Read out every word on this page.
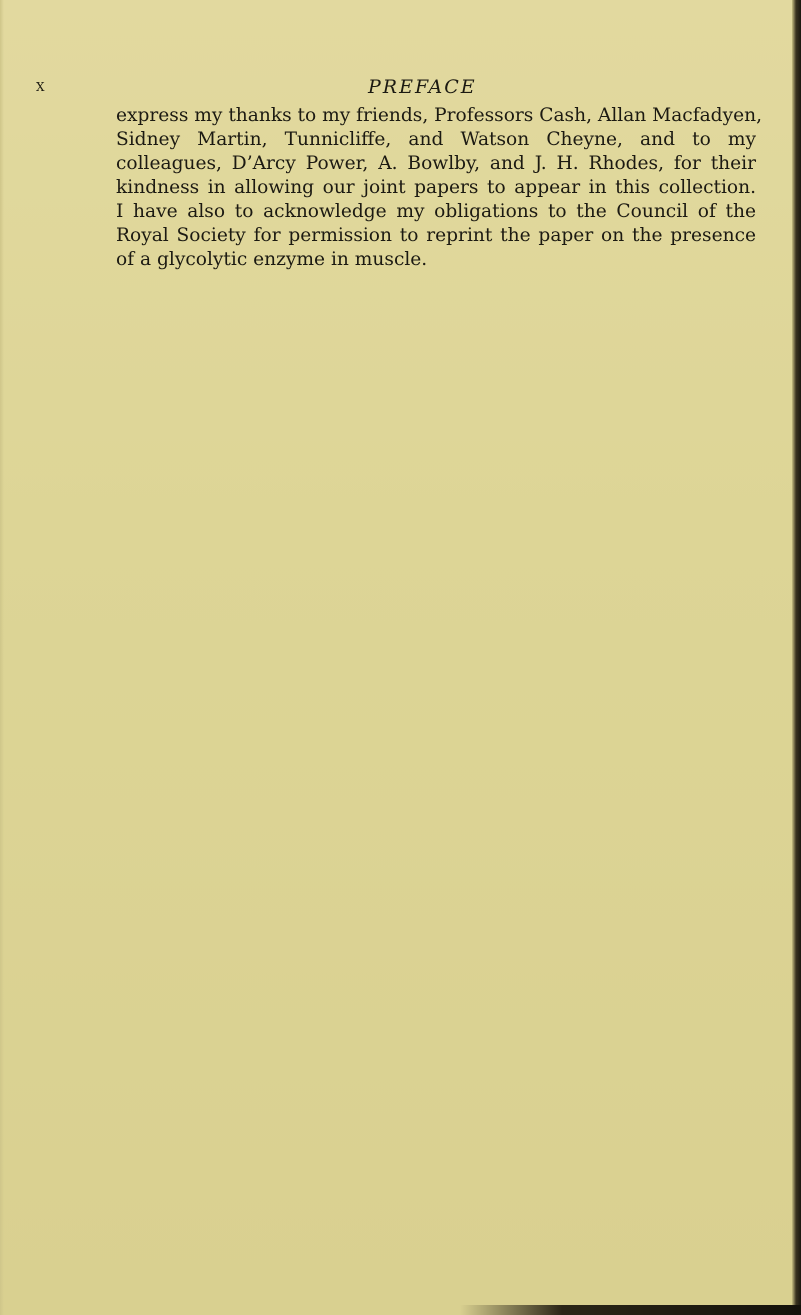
x	PREFACE
express my thanks to my friends, Professors Cash, Allan Macfadyen,
Sidney Martin, Tunnicliffe, and Watson Cheyne, and to my
colleagues, D’Arcy Power, A. Bowlby, and J. H. Rhodes, for their
kindness in allowing our joint papers to appear in this collection.
I have also to acknowledge my obligations to the Council of the
Royal Society for permission to reprint the paper on the presence
of a glycolytic enzyme in muscle.
